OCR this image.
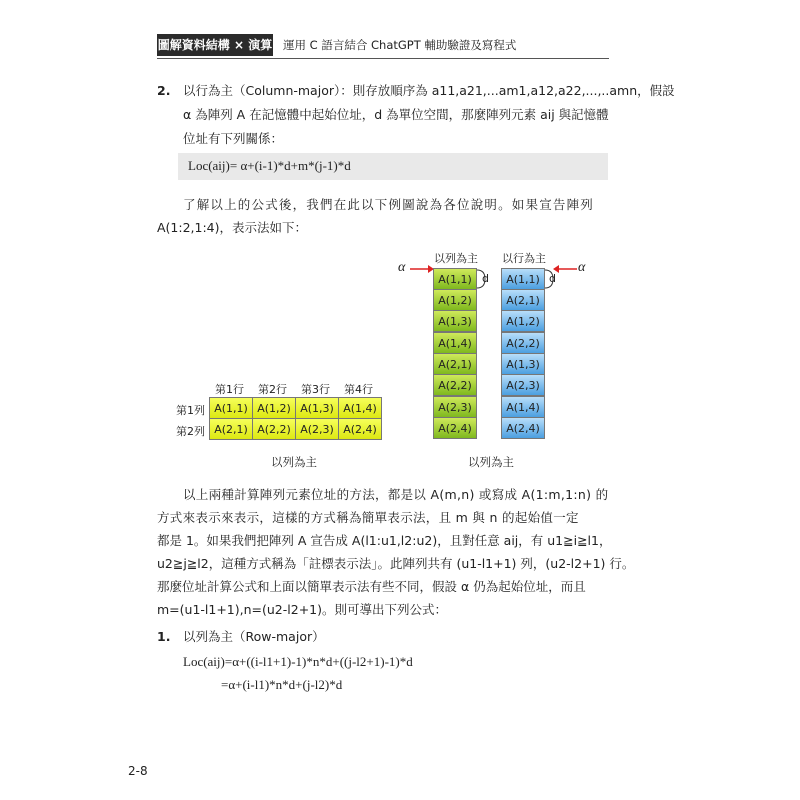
圖解資料結構 × 演算法
運用 C 語言結合 ChatGPT 輔助驗證及寫程式
2. 以行為主（Column-major）：則存放順序為 a11,a21,...am1,a12,a22,...,..amn，假設
α 為陣列 A 在記憶體中起始位址，d 為單位空間，那麼陣列元素 aij 與記憶體
位址有下列關係：
Loc(aij)= α+(i-1)*d+m*(j-1)*d
了解以上的公式後，我們在此以下例圖說為各位說明。如果宣告陣列
A(1:2,1:4)，表示法如下：
第1行 第2行 第3行 第4行
第1列
第2列
A(1,1) A(1,2) A(1,3) A(1,4)
A(2,1) A(2,2) A(2,3) A(2,4)
以列為主
以列為主
α
A(1,1)
A(1,2)
A(1,3)
A(1,4)
A(2,1)
A(2,2)
A(2,3)
A(2,4)
d
以列為主
以行為主
A(1,1)
A(2,1)
A(1,2)
A(2,2)
A(1,3)
A(2,3)
A(1,4)
A(2,4)
d
α
以上兩種計算陣列元素位址的方法，都是以 A(m,n) 或寫成 A(1:m,1:n) 的
方式來表示來表示，這樣的方式稱為簡單表示法，且 m 與 n 的起始值一定
都是 1。如果我們把陣列 A 宣告成 A(l1:u1,l2:u2)，且對任意 aij，有 u1≧i≧l1，
u2≧j≧l2，這種方式稱為「註標表示法」。此陣列共有 (u1-l1+1) 列，(u2-l2+1) 行。
那麼位址計算公式和上面以簡單表示法有些不同，假設 α 仍為起始位址，而且
m=(u1-l1+1),n=(u2-l2+1)。則可導出下列公式：
1. 以列為主（Row-major）
Loc(aij)=α+((i-l1+1)-1)*n*d+((j-l2+1)-1)*d
=α+(i-l1)*n*d+(j-l2)*d
2-8
